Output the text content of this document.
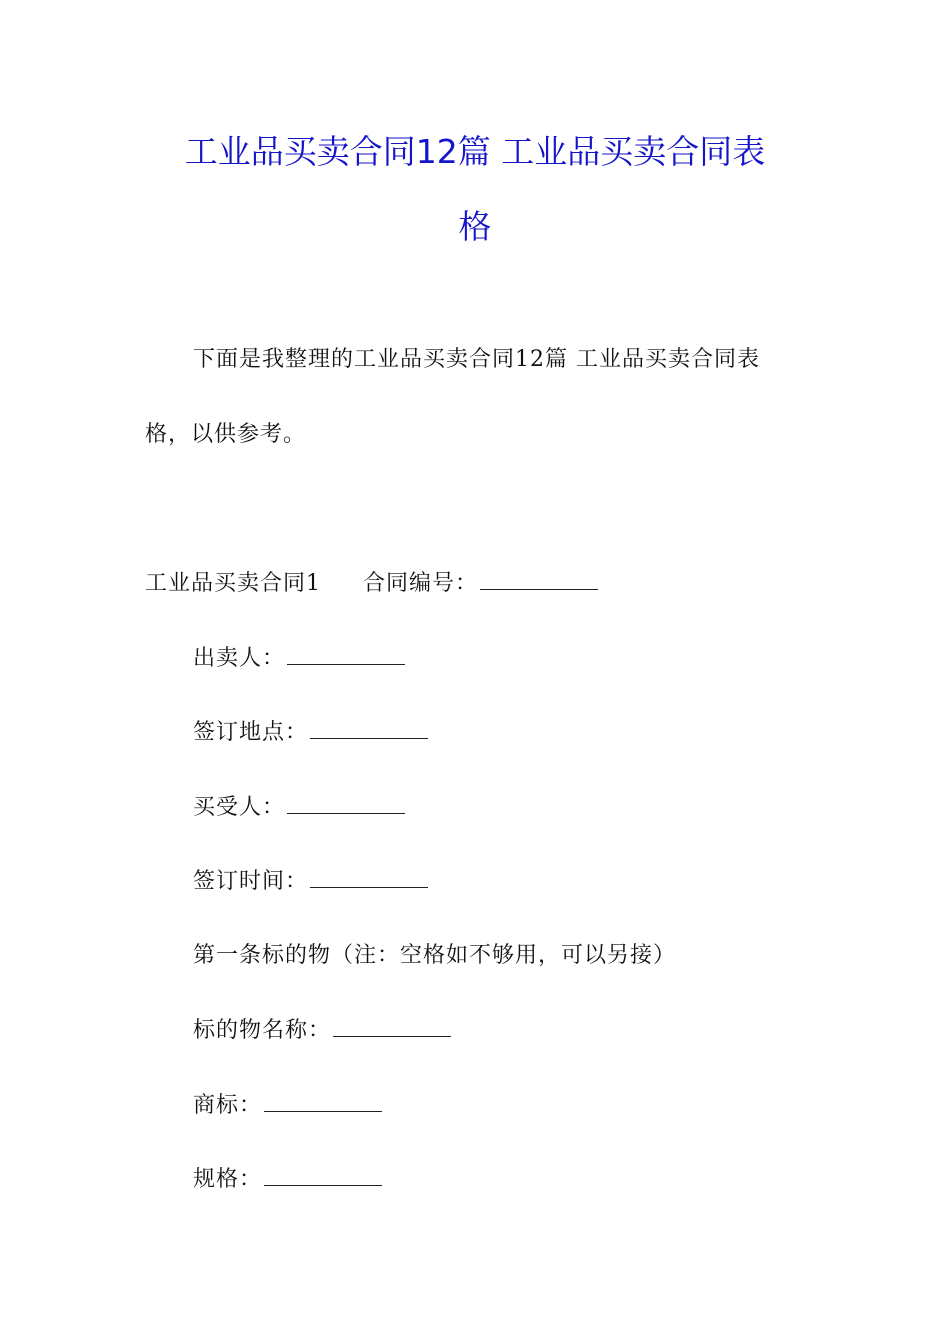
工业品买卖合同12篇 工业品买卖合同表
格
下面是我整理的工业品买卖合同12篇 工业品买卖合同表
格，以供参考。
工业品买卖合同1 合同编号：
出卖人：
签订地点：
买受人：
签订时间：
第一条标的物（注：空格如不够用，可以另接）
标的物名称：
商标：
规格：
